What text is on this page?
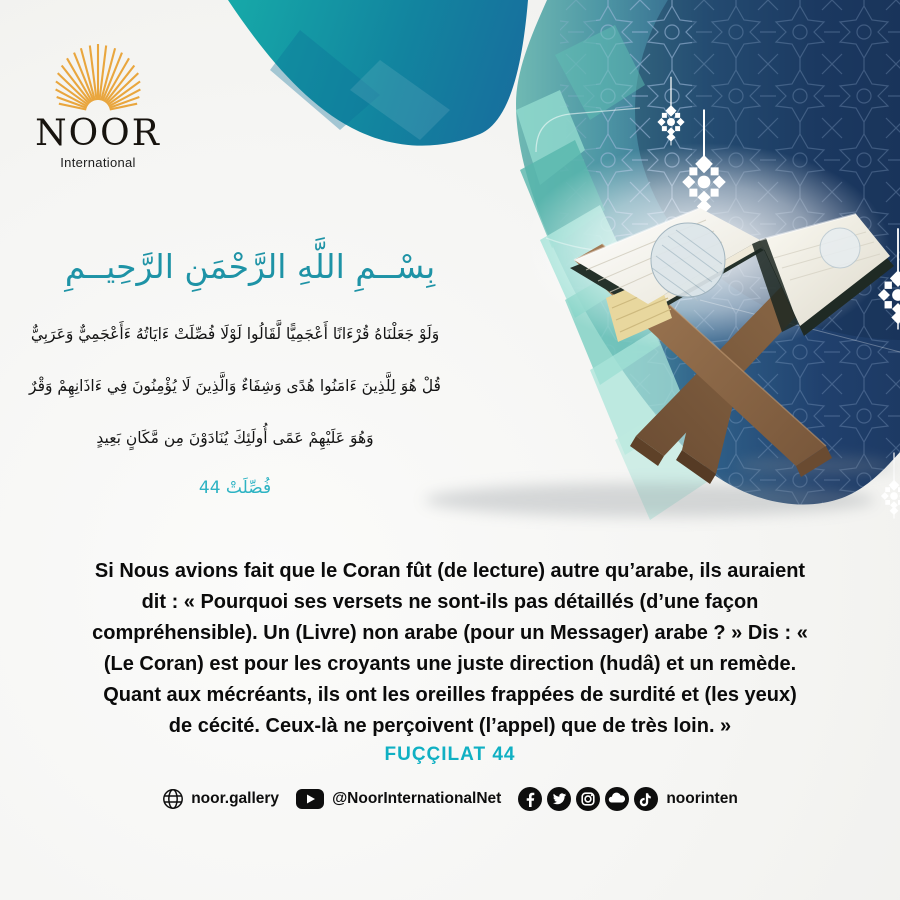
NOOR
International
بِسْــمِ اللَّهِ الرَّحْمَنِ الرَّحِيــمِ
وَلَوْ جَعَلْنَاهُ قُرْءَانًا أَعْجَمِيًّا لَّقَالُوا لَوْلَا فُصِّلَتْ ءَايَاتُهُ ءَأَعْجَمِيٌّ وَعَرَبِيٌّ
قُلْ هُوَ لِلَّذِينَ ءَامَنُوا هُدًى وَشِفَاءٌ وَالَّذِينَ لَا يُؤْمِنُونَ فِي ءَاذَانِهِمْ وَقْرٌ
وَهُوَ عَلَيْهِمْ عَمًى أُولَئِكَ يُنَادَوْنَ مِن مَّكَانٍ بَعِيدٍ
فُصِّلَتْ 44
Si Nous avions fait que le Coran fût (de lecture) autre qu’arabe, ils auraient
dit : « Pourquoi ses versets ne sont-ils pas détaillés (d’une façon
compréhensible). Un (Livre) non arabe (pour un Messager) arabe ? » Dis : «
(Le Coran) est pour les croyants une juste direction (hudâ) et un remède.
Quant aux mécréants, ils ont les oreilles frappées de surdité et (les yeux)
de cécité. Ceux-là ne perçoivent (l’appel) que de très loin. »
FUÇÇILAT 44
noor.gallery	@NoorInternationalNet	noorinten
